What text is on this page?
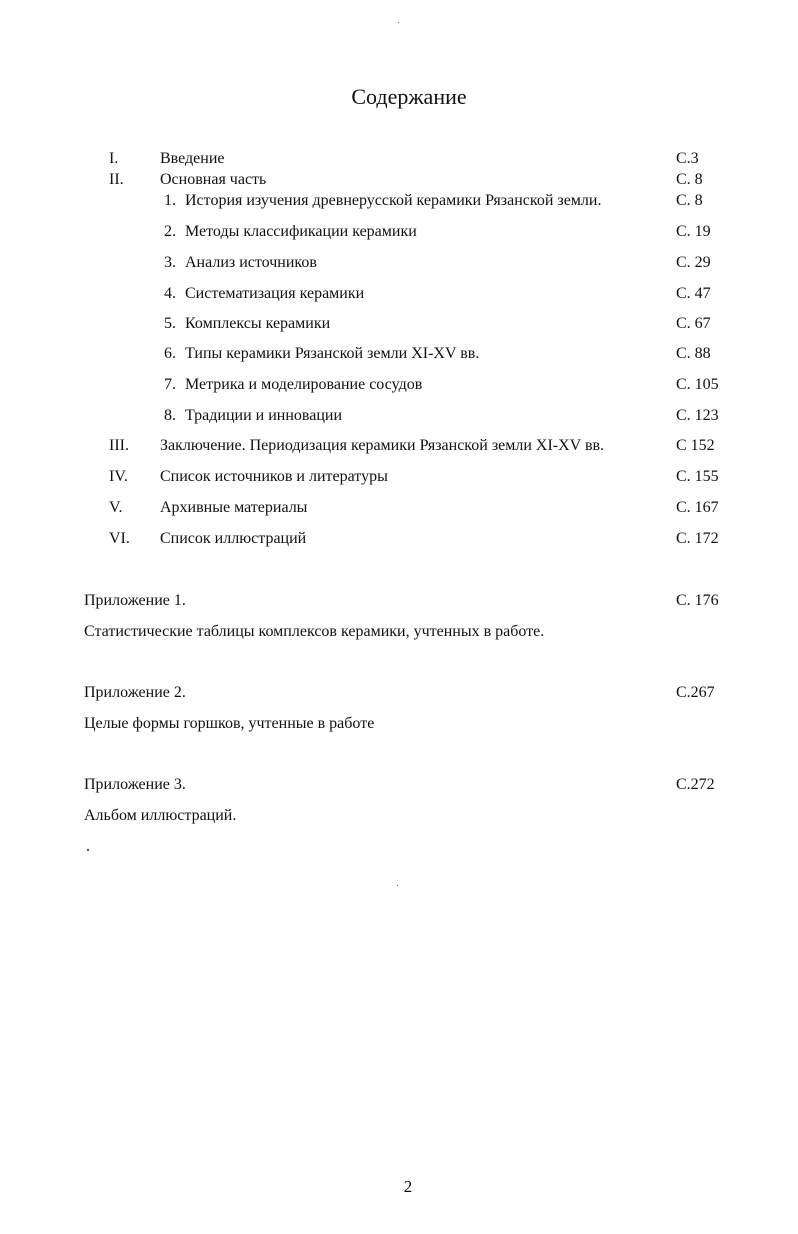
Содержание
I.	Введение	С.3
II. Основная часть	С. 8
1. История изучения древнерусской керамики Рязанской земли.	С. 8
2. Методы классификации керамики	С. 19
3. Анализ источников	С. 29
4. Систематизация керамики	С. 47
5. Комплексы керамики	С. 67
6. Типы керамики Рязанской земли XI-XV вв.	С. 88
7. Метрика и моделирование сосудов	С. 105
8. Традиции и инновации	С. 123
III. Заключение. Периодизация керамики Рязанской земли XI-XV вв.	С 152
IV. Список источников и литературы	С. 155
V. Архивные материалы	С. 167
VI. Список иллюстраций	С. 172
Приложение 1.	С. 176
Статистические таблицы комплексов керамики, учтенных в работе.
Приложение 2.	С.267
Целые формы горшков, учтенные в работе
Приложение 3.	С.272
Альбом иллюстраций.
.
2
